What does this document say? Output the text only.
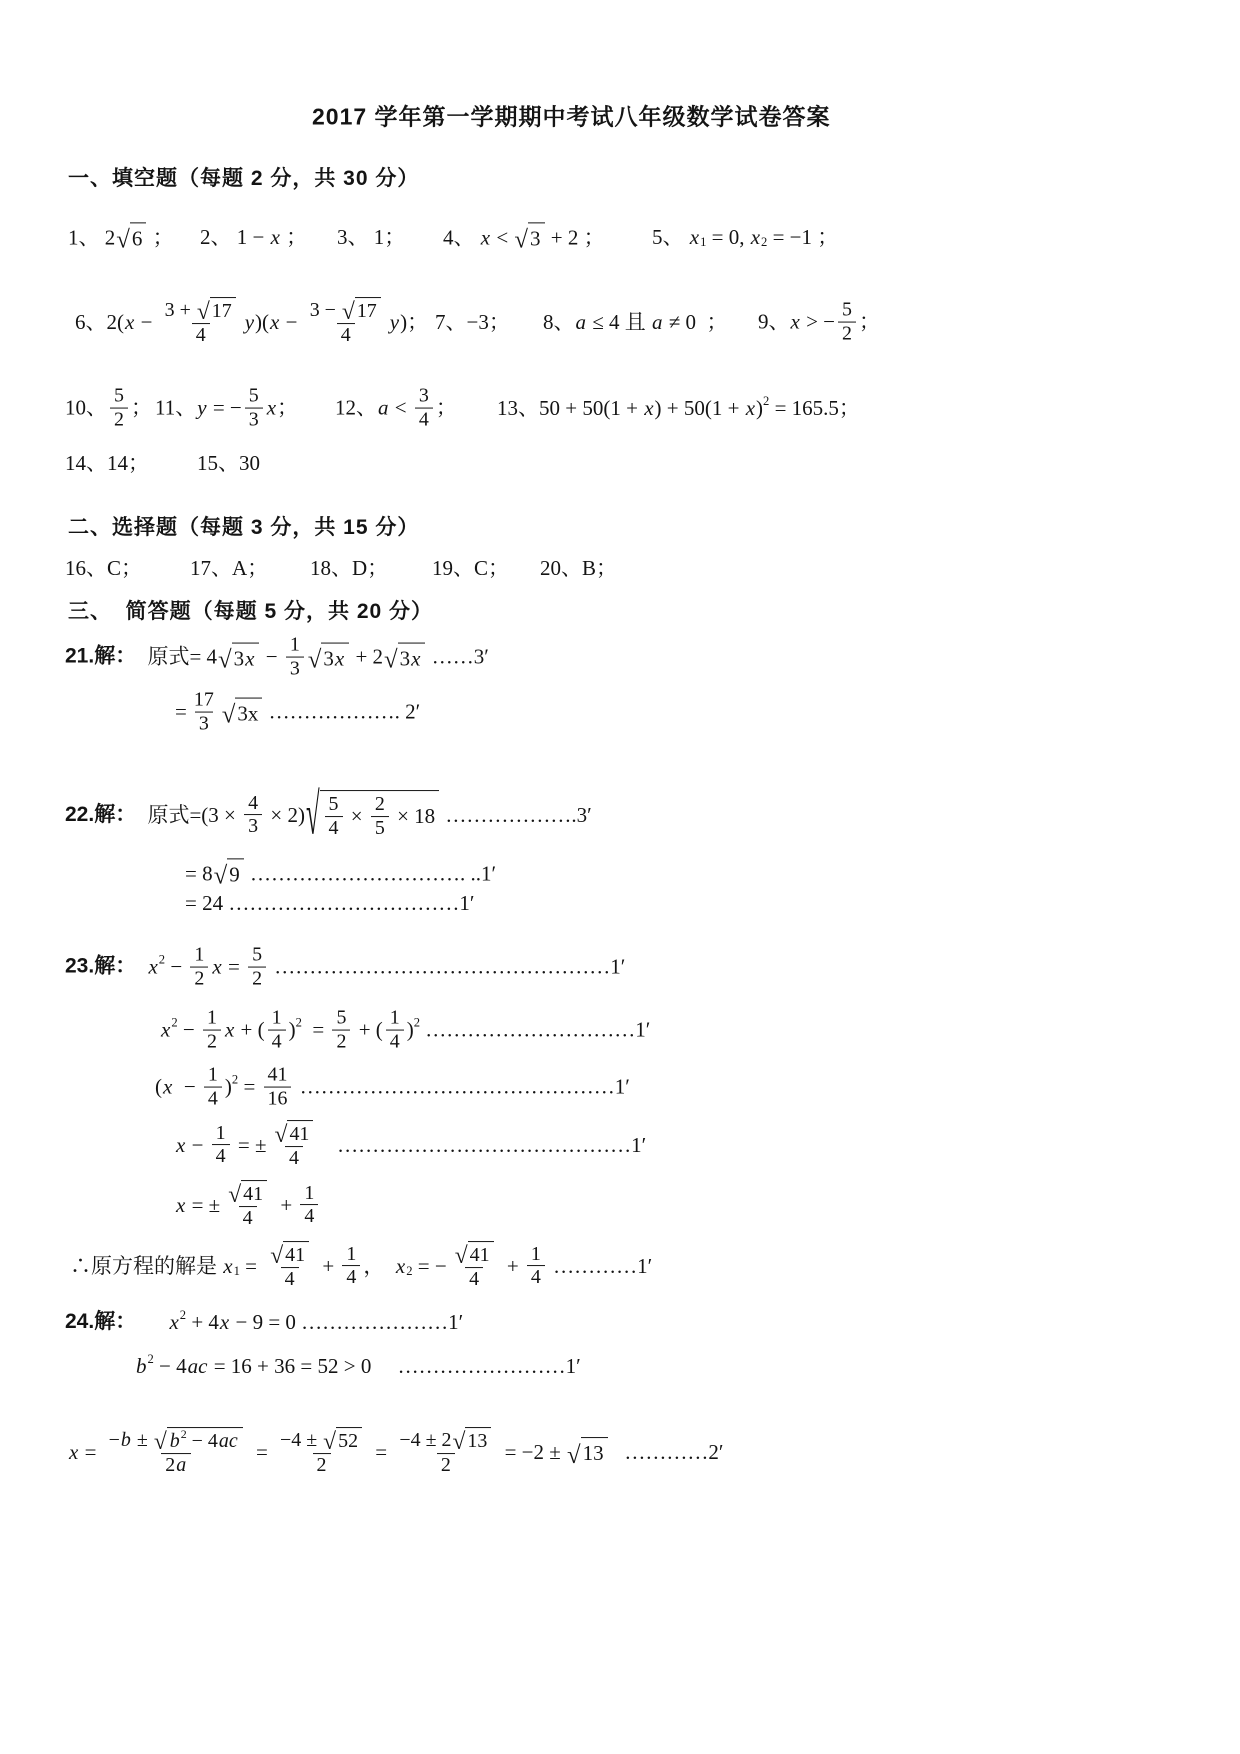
2017 学年第一学期期中考试八年级数学试卷答案
一、填空题（每题 2 分，共 30 分）
1、 2 √ 6 ； 2、 1 − x ； 3、 1； 4、 x < √ 3 + 2 ； 5、 $x_1 = 0$, $x_2 = -1$ ；
6、2( $x - \frac{3 + √ 17}{4}$ y )( $x - \frac{3 - √ 17}{4}$ y )； 7、−3； 8、 a ≤ 4 且 a ≠ 0  ； 9、 x > − $\frac{5}{2}$ ；
10、 $\frac{5}{2}$ ； 11、 y = − $\frac{5}{3}$ x ； 12、 $a < \frac{3}{4}$ ； 13、50 + 50(1 + x ) + 50(1 + x )$^2$ = 165.5；
14、14； 15、30
二、选择题（每题 3 分，共 15 分）
16、C； 17、A； 18、D； 19、C； 20、B；
三、  简答题（每题 5 分，共 20 分）
21.解： 原式= 4 √ 3 $x - \frac{1}{3}$ √ 3 x + 2 √ 3 x ……3′
= $\frac{17}{3}$ √ 3x ………………. 2′
22.解： 原式$=(3 \times \frac{4}{3} \times 2)$ √ $\frac{5}{4} \times \frac{2}{5} \times 18$ ……………….3′
= 8 √ 9 …………………………. ..1′
= 24 ……………………………1′
23.解：
$x^2 - \frac{1}{2}$ $x = \frac{5}{2}$ …………………………………………1′
$x^2 - \frac{1}{2}$ x + ( $\frac{1}{4} )^2 = \frac{5}{2}$ + ( $\frac{1}{4} )^2$ …………………………1′
( $x - \frac{1}{4} )^2 = \frac{41}{16}$ ………………………………………1′
$x - \frac{1}{4}$ = ± $\frac{√ 41}{4}$ ……………………………………1′
x = ± $\frac{√ 41}{4} + \frac{1}{4}$
∴原方程的解是 $x_1 = \frac{√ 41}{4} + \frac{1}{4}$ ， $x_2$ = − $\frac{√ 41}{4} + \frac{1}{4}$ …………1′
24.解：
$x^2 + 4$ x − 9 = 0 …………………1′
$b^2 - 4$ ac = 16 + 36 = 52 > 0     ……………………1′
$x = \frac{- b \pm √ b^2 - 4 ac}{2 a} = \frac{-4 \pm √ 52}{2} = \frac{-4 \pm 2 √ 13}{2} = -2$ ± √ 13 …………2′
